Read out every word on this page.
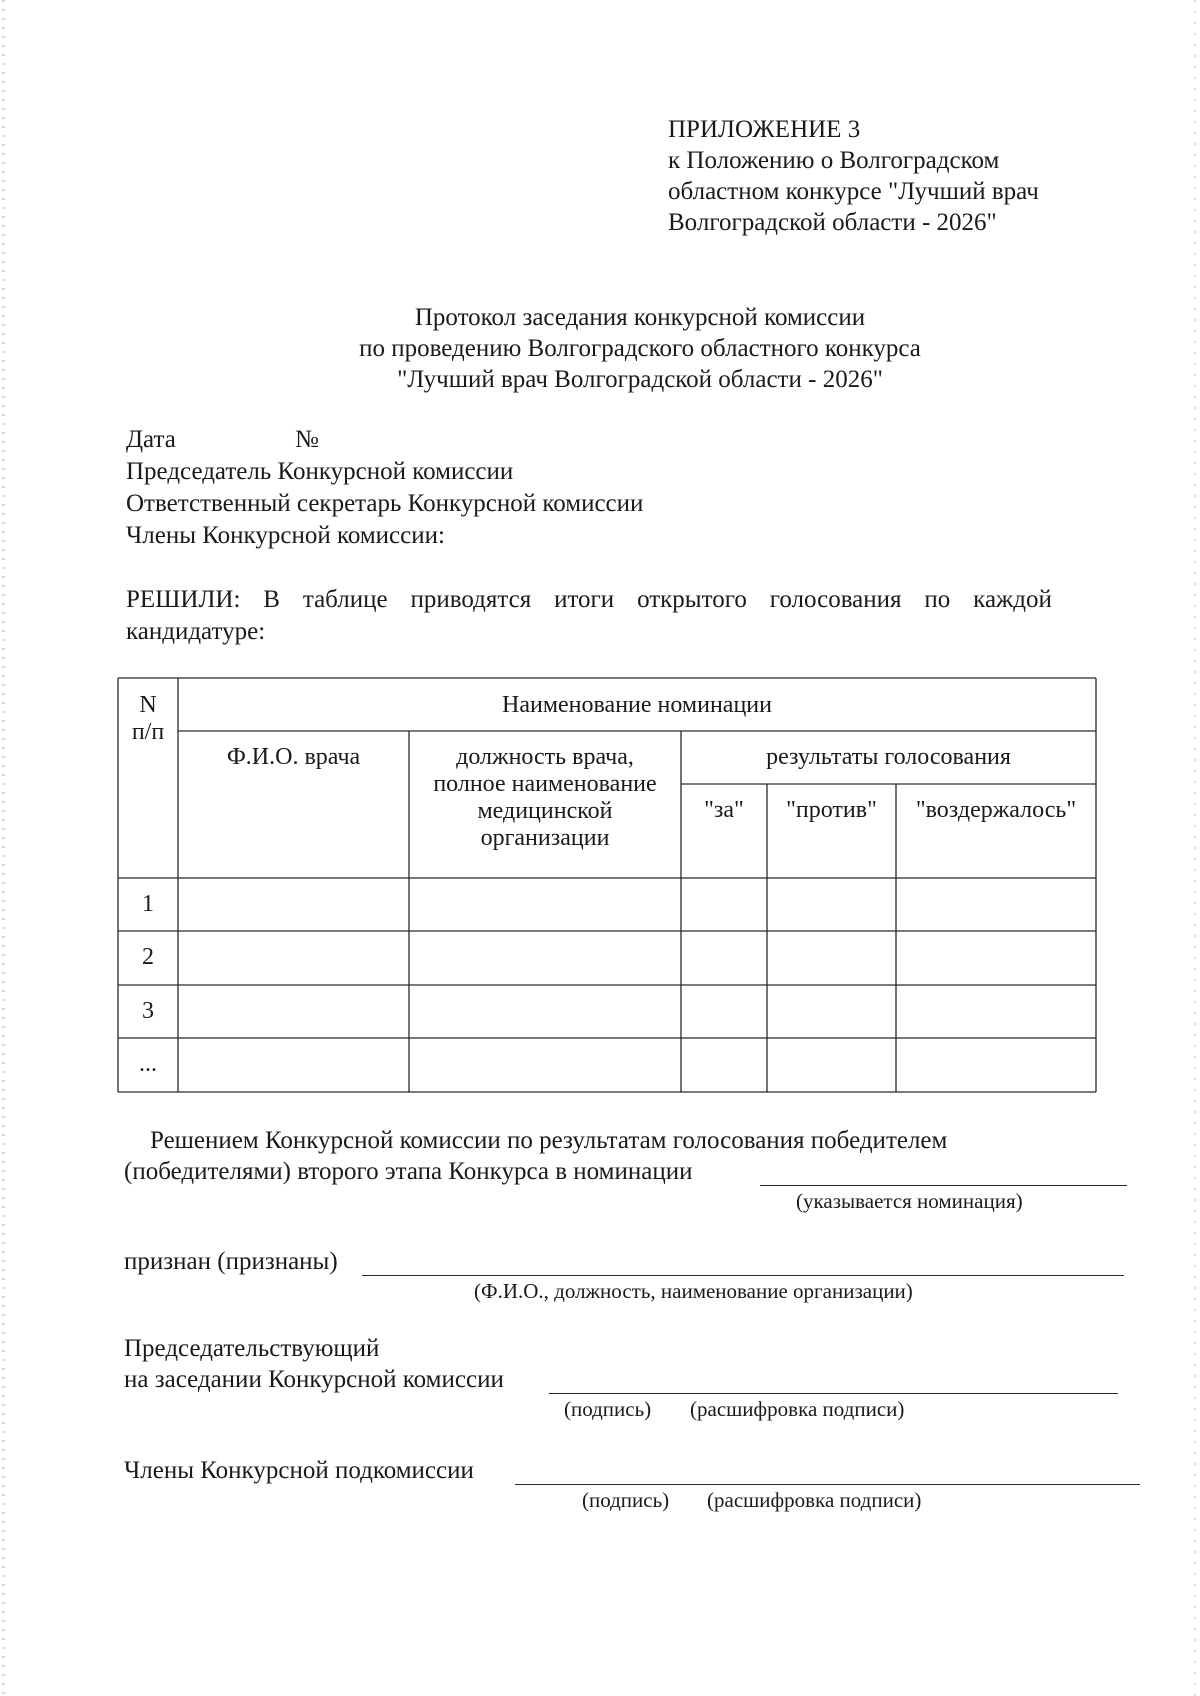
ПРИЛОЖЕНИЕ 3
к Положению о Волгоградском
областном конкурсе "Лучший врач
Волгоградской области - 2026"
Протокол заседания конкурсной комиссии
по проведению Волгоградского областного конкурса
"Лучший врач Волгоградской области - 2026"
Дата	№
Председатель Конкурсной комиссии
Ответственный секретарь Конкурсной комиссии
Члены Конкурсной комиссии:
РЕШИЛИ: В таблице приводятся итоги открытого голосования по каждой
кандидатуре:
N
п/п
Наименование номинации
Ф.И.О. врача	должность врача,
полное наименование
медицинской
организации
результаты голосования
"за"	"против"	"воздержалось"
1
2
3
...
Решением Конкурсной комиссии по результатам голосования победителем
(победителями) второго этапа Конкурса в номинации
(указывается номинация)
признан (признаны)
(Ф.И.О., должность, наименование организации)
Председательствующий
на заседании Конкурсной комиссии
(подпись) (расшифровка подписи)
Члены Конкурсной подкомиссии
(подпись) (расшифровка подписи)
